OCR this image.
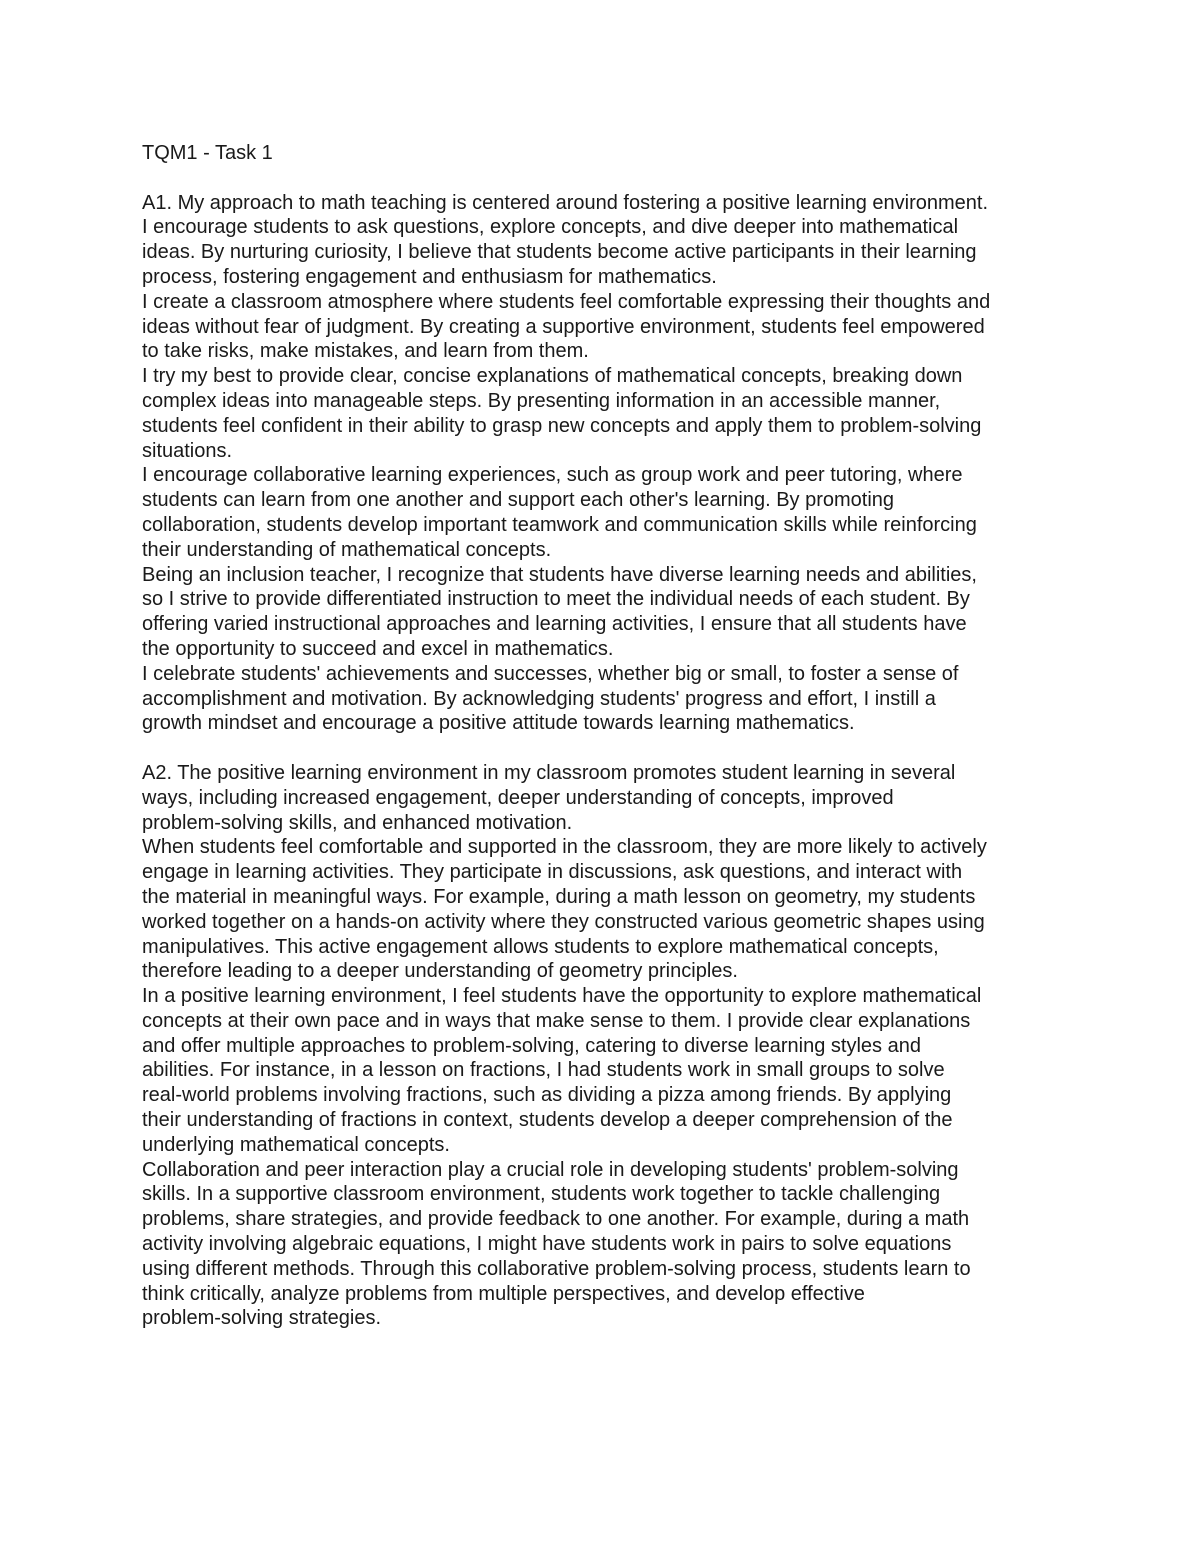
TQM1 - Task 1
A1. My approach to math teaching is centered around fostering a positive learning environment.
I encourage students to ask questions, explore concepts, and dive deeper into mathematical
ideas. By nurturing curiosity, I believe that students become active participants in their learning
process, fostering engagement and enthusiasm for mathematics.
I create a classroom atmosphere where students feel comfortable expressing their thoughts and
ideas without fear of judgment. By creating a supportive environment, students feel empowered
to take risks, make mistakes, and learn from them.
I try my best to provide clear, concise explanations of mathematical concepts, breaking down
complex ideas into manageable steps. By presenting information in an accessible manner,
students feel confident in their ability to grasp new concepts and apply them to problem-solving
situations.
I encourage collaborative learning experiences, such as group work and peer tutoring, where
students can learn from one another and support each other's learning. By promoting
collaboration, students develop important teamwork and communication skills while reinforcing
their understanding of mathematical concepts.
Being an inclusion teacher, I recognize that students have diverse learning needs and abilities,
so I strive to provide differentiated instruction to meet the individual needs of each student. By
offering varied instructional approaches and learning activities, I ensure that all students have
the opportunity to succeed and excel in mathematics.
I celebrate students' achievements and successes, whether big or small, to foster a sense of
accomplishment and motivation. By acknowledging students' progress and effort, I instill a
growth mindset and encourage a positive attitude towards learning mathematics.
A2. The positive learning environment in my classroom promotes student learning in several
ways, including increased engagement, deeper understanding of concepts, improved
problem-solving skills, and enhanced motivation.
When students feel comfortable and supported in the classroom, they are more likely to actively
engage in learning activities. They participate in discussions, ask questions, and interact with
the material in meaningful ways. For example, during a math lesson on geometry, my students
worked together on a hands-on activity where they constructed various geometric shapes using
manipulatives. This active engagement allows students to explore mathematical concepts,
therefore leading to a deeper understanding of geometry principles.
In a positive learning environment, I feel students have the opportunity to explore mathematical
concepts at their own pace and in ways that make sense to them. I provide clear explanations
and offer multiple approaches to problem-solving, catering to diverse learning styles and
abilities. For instance, in a lesson on fractions, I had students work in small groups to solve
real-world problems involving fractions, such as dividing a pizza among friends. By applying
their understanding of fractions in context, students develop a deeper comprehension of the
underlying mathematical concepts.
Collaboration and peer interaction play a crucial role in developing students' problem-solving
skills. In a supportive classroom environment, students work together to tackle challenging
problems, share strategies, and provide feedback to one another. For example, during a math
activity involving algebraic equations, I might have students work in pairs to solve equations
using different methods. Through this collaborative problem-solving process, students learn to
think critically, analyze problems from multiple perspectives, and develop effective
problem-solving strategies.
